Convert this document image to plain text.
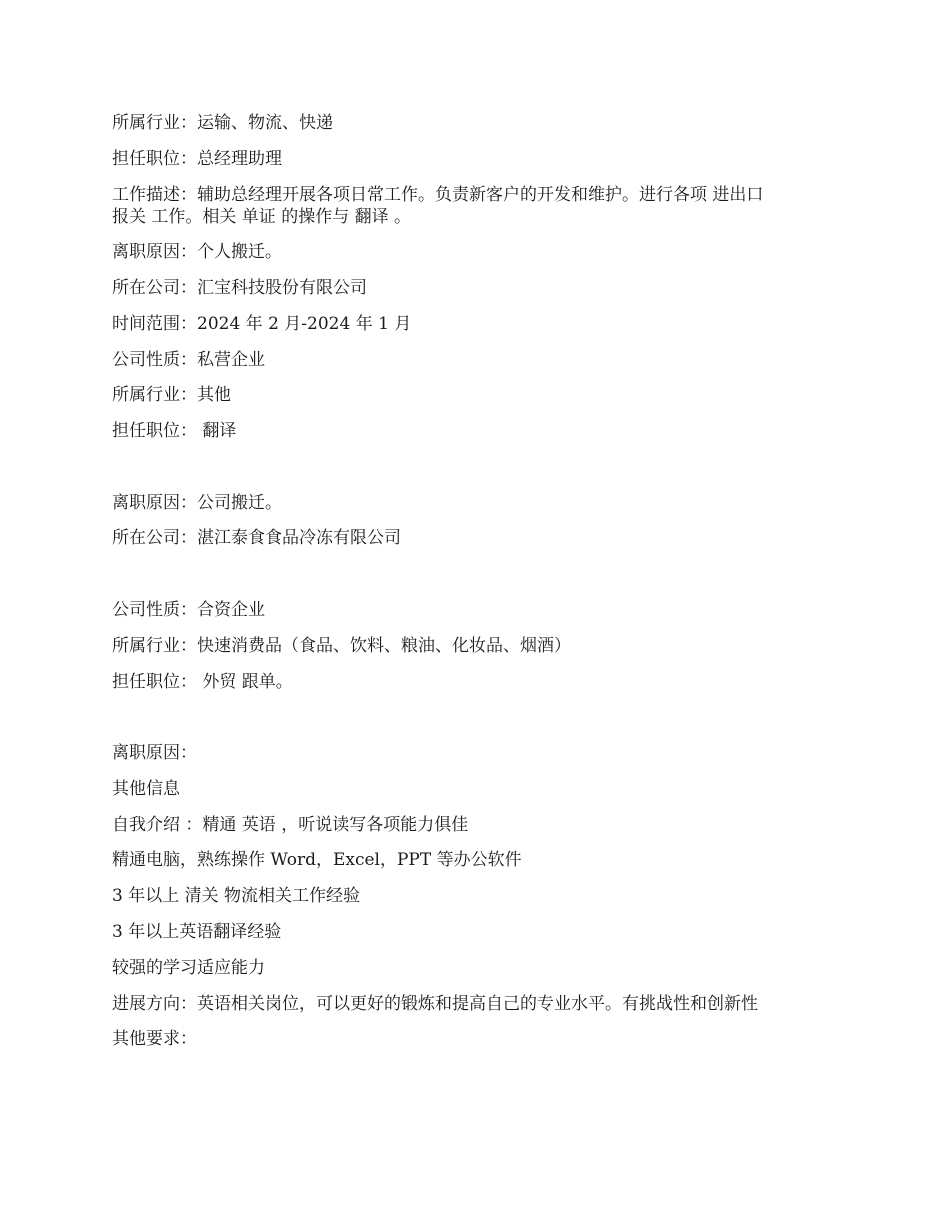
所属行业：运输、物流、快递
担任职位：总经理助理
工作描述：辅助总经理开展各项日常工作。负责新客户的开发和维护。进行各项 进出口
报关 工作。相关 单证 的操作与 翻译 。
离职原因：个人搬迁。
所在公司：汇宝科技股份有限公司
时间范围：2024 年 2 月-2024 年 1 月
公司性质：私营企业
所属行业：其他
担任职位： 翻译
离职原因：公司搬迁。
所在公司：湛江泰食食品冷冻有限公司
公司性质：合资企业
所属行业：快速消费品（食品、饮料、粮油、化妆品、烟酒）
担任职位： 外贸 跟单。
离职原因：
其他信息
自我介绍 ：精通 英语 ，听说读写各项能力俱佳
精通电脑，熟练操作 Word，Excel，PPT 等办公软件
3 年以上 清关 物流相关工作经验
3 年以上英语翻译经验
较强的学习适应能力
进展方向：英语相关岗位，可以更好的锻炼和提高自己的专业水平。有挑战性和创新性
其他要求：
